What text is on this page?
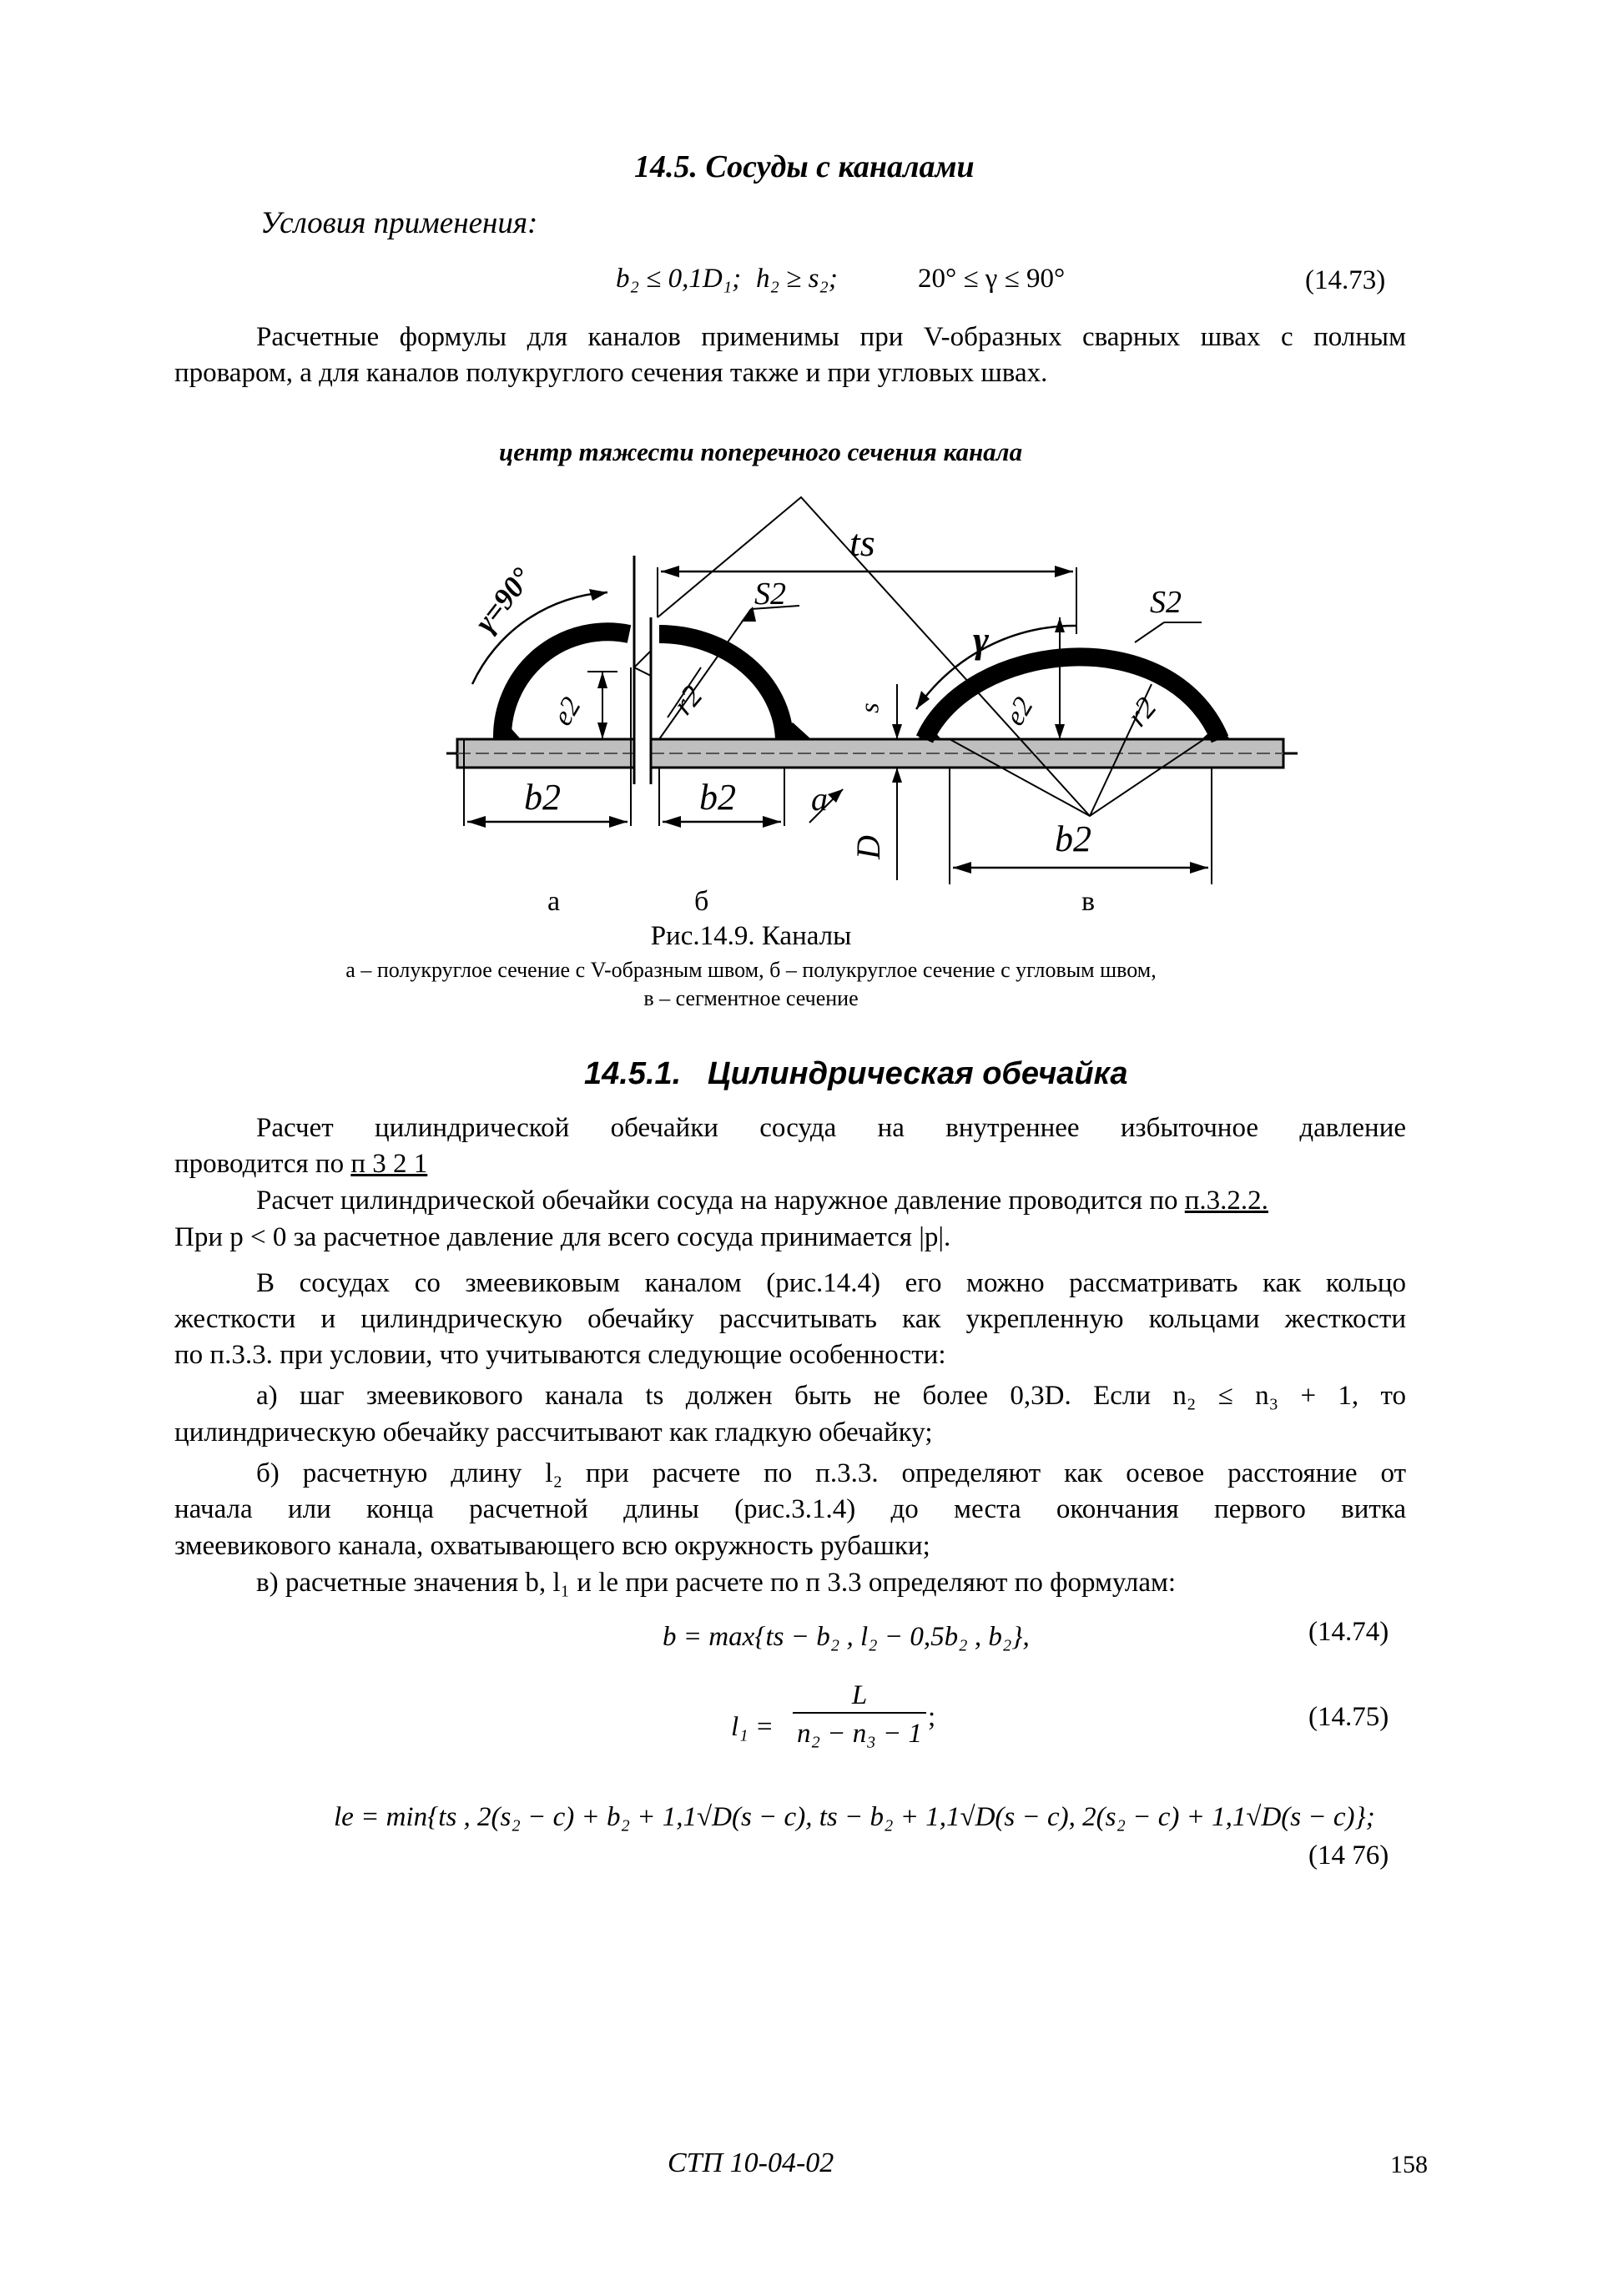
14.5. Сосуды с каналами
Условия применения:
b₂ ≤ 0,1D₁; h₂ ≥ s₂;	20° ≤ γ ≤ 90°	(14.73)
Расчетные формулы для каналов применимы при V-образных сварных швах с полным
проваром, а для каналов полукруглого сечения также и при угловых швах.
центр тяжести поперечного сечения канала
ts
S2	S2
γ=90°
γ
e2	e2
r2	r2
s
b2	b2
b2
a
D
а	б	в
Рис.14.9. Каналы
а – полукруглое сечение с V-образным швом, б – полукруглое сечение с угловым швом,
в – сегментное сечение
14.5.1.   Цилиндрическая обечайка
Расчет цилиндрической обечайки сосуда на внутреннее избыточное давление
проводится по п 3 2 1
Расчет цилиндрической обечайки сосуда на наружное давление проводится по п.3.2.2.
При p < 0 за расчетное давление для всего сосуда принимается |p|.
В сосудах со змеевиковым каналом (рис.14.4) его можно рассматривать как кольцо
жесткости и цилиндрическую обечайку рассчитывать как укрепленную кольцами жесткости
по п.3.3. при условии, что учитываются следующие особенности:
а) шаг змеевикового канала ts должен быть не более 0,3D. Если n₂ ≤ n₃ + 1, то
цилиндрическую обечайку рассчитывают как гладкую обечайку;
б) расчетную длину l₂ при расчете по п.3.3. определяют как осевое расстояние от
начала или конца расчетной длины (рис.3.1.4) до места окончания первого витка
змеевикового канала, охватывающего всю окружность рубашки;
в) расчетные значения b, l₁ и le при расчете по п 3.3 определяют по формулам:
b = max{ts − b₂ , l₂ − 0,5b₂ , b₂},	(14.74)
l₁ =
L
n₂ − n₃ − 1
;	(14.75)
le = min{ts , 2(s₂ − c) + b₂ + 1,1√D(s − c), ts − b₂ + 1,1√D(s − c), 2(s₂ − c) + 1,1√D(s − c)};
(14 76)
СТП 10-04-02	158
